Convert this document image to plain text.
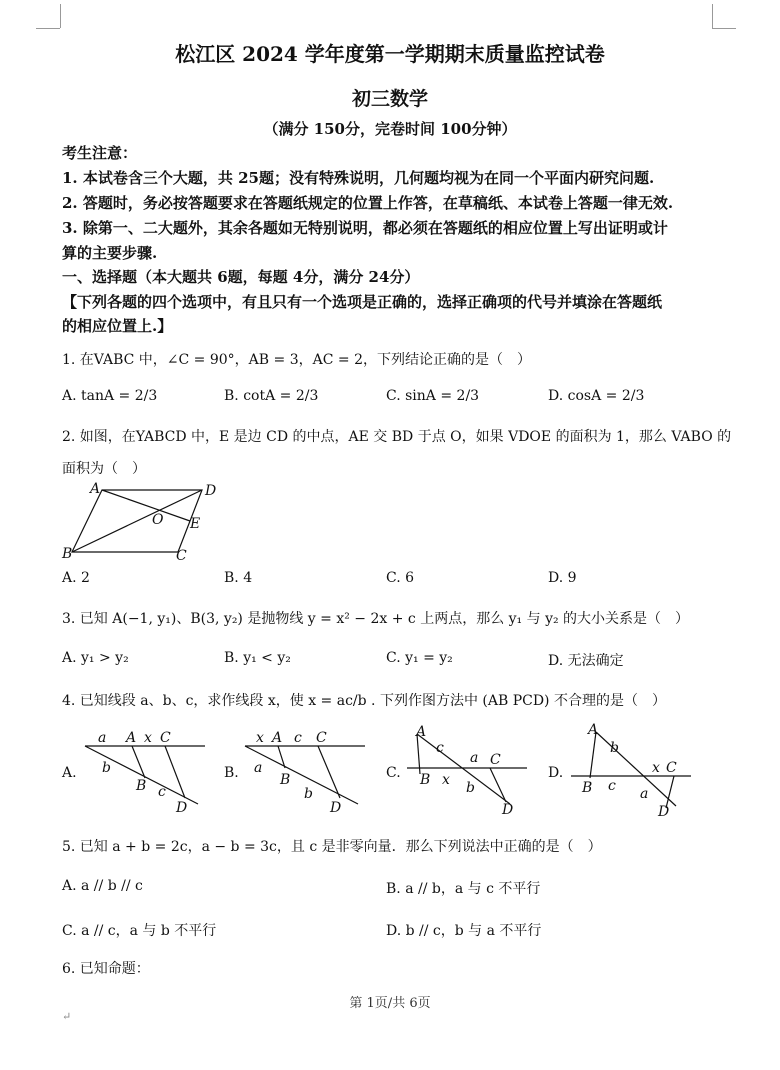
松江区 2024 学年度第一学期期末质量监控试卷
初三数学
（满分 150分，完卷时间 100分钟）
考生注意：
1. 本试卷含三个大题，共 25题；没有特殊说明，几何题均视为在同一个平面内研究问题.
2. 答题时，务必按答题要求在答题纸规定的位置上作答，在草稿纸、本试卷上答题一律无效.
3. 除第一、二大题外，其余各题如无特别说明，都必须在答题纸的相应位置上写出证明或计
算的主要步骤.
一、选择题（本大题共 6题，每题 4分，满分 24分）
【下列各题的四个选项中，有且只有一个选项是正确的，选择正确项的代号并填涂在答题纸
的相应位置上.】
1. 在VABC 中，∠C = 90°，AB = 3，AC = 2，下列结论正确的是（　）
A. tanA = 2/3	B. cotA = 2/3	C. sinA = 2/3	D. cosA = 2/3
2. 如图，在YABCD 中，E 是边 CD 的中点，AE 交 BD 于点 O，如果 VDOE 的面积为 1，那么 VABO 的
面积为（　）
A	D
O E
B	C
A. 2	B. 4	C. 6	D. 9
3. 已知 A(−1, y₁)、B(3, y₂) 是抛物线 y = x² − 2x + c 上两点，那么 y₁ 与 y₂ 的大小关系是（　）
A. y₁ > y₂	B. y₁ < y₂	C. y₁ = y₂	D. 无法确定
4. 已知线段 a、b、c，求作线段 x，使 x = ac/b . 下列作图方法中 (AB PCD) 不合理的是（　）
A.
a A x C
b
B c
D
B.
x A c C
a
B
b
D
C.
A
c
a C
B x b
D
D.
A
b
x C
B c a
D
5. 已知 a + b = 2c，a − b = 3c，且 c 是非零向量．那么下列说法中正确的是（　）
A. a // b // c	B. a // b，a 与 c 不平行
C. a // c，a 与 b 不平行	D. b // c，b 与 a 不平行
6. 已知命题：
第 1页/共 6页
↵
